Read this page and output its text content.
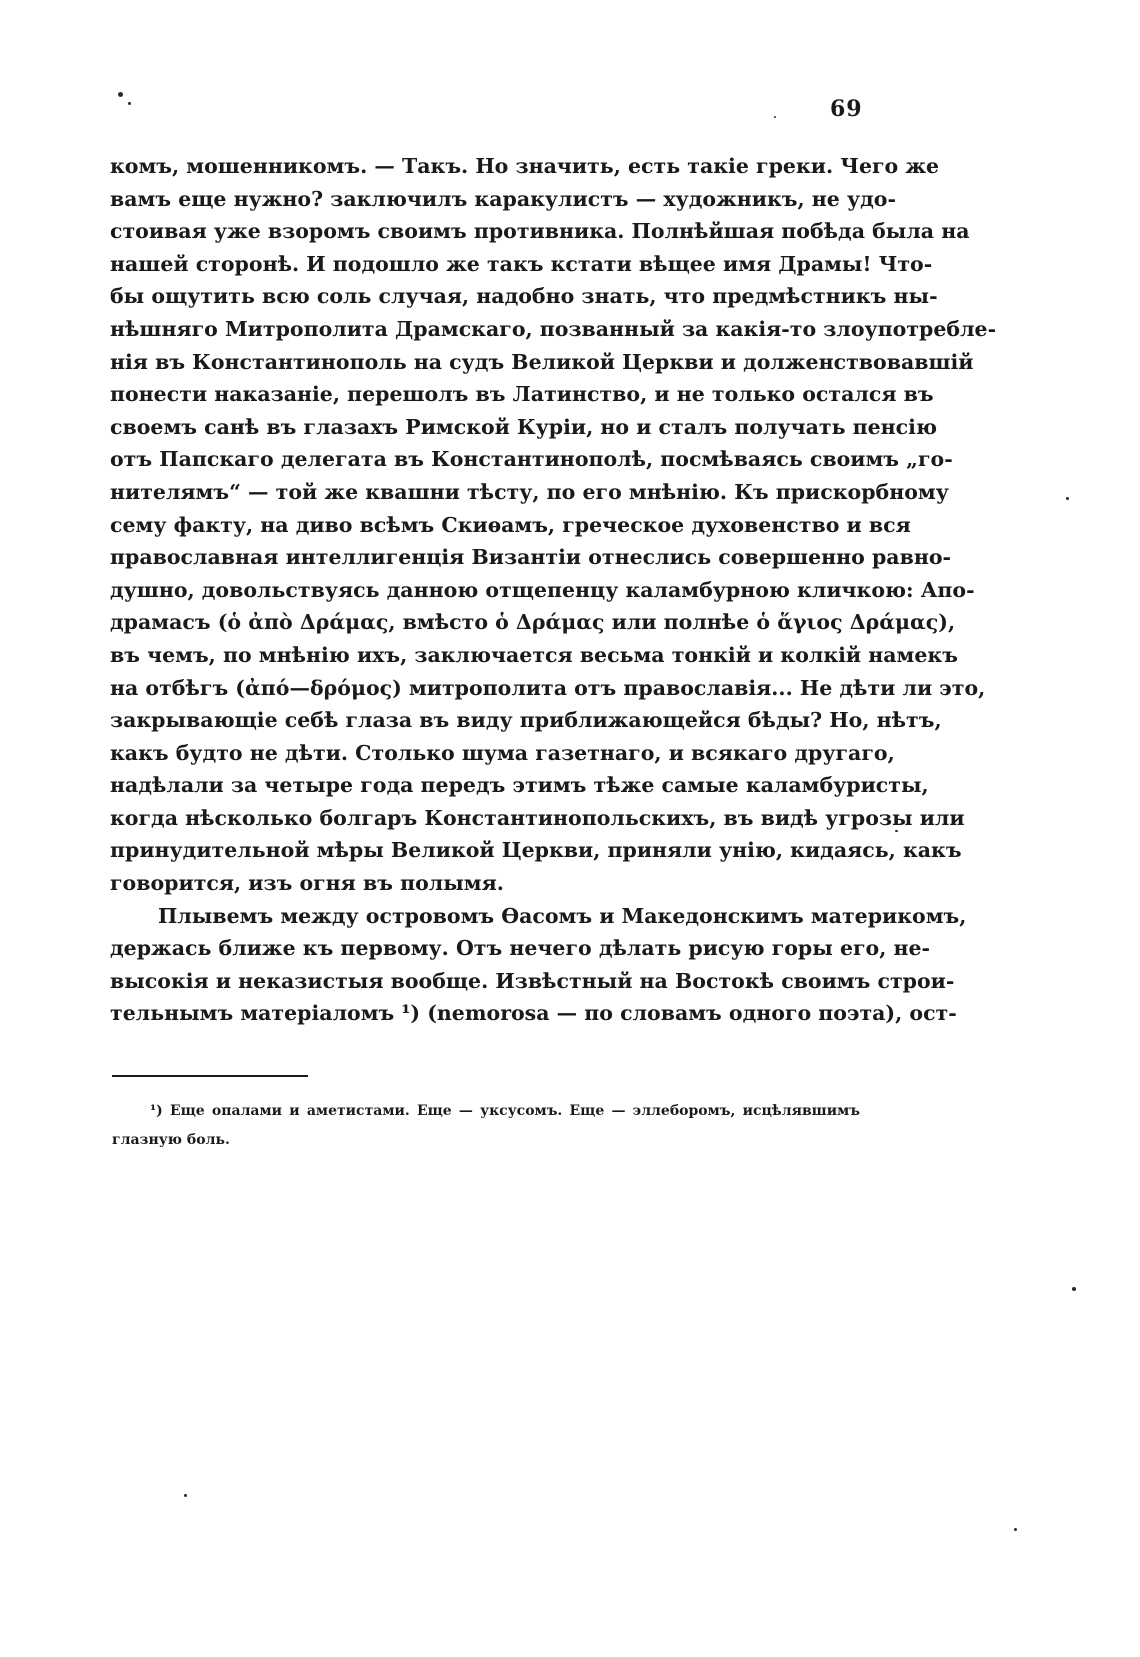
69
комъ, мошенникомъ. — Такъ. Но значить, есть такіе греки. Чего же
вамъ еще нужно? заключилъ каракулистъ — художникъ, не удо-
стоивая уже взоромъ своимъ противника. Полнѣйшая побѣда была на
нашей сторонѣ. И подошло же такъ кстати вѣщее имя Драмы! Что-
бы ощутить всю соль случая, надобно знать, что предмѣстникъ ны-
нѣшняго Митрополита Драмскаго, позванный за какія-то злоупотребле-
нія въ Константинополь на судъ Великой Церкви и долженствовавшій
понести наказаніе, перешолъ въ Латинство, и не только остался въ
своемъ санѣ въ глазахъ Римской Куріи, но и сталъ получать пенсію
отъ Папскаго делегата въ Константинополѣ, посмѣваясь своимъ „го-
нителямъ“ — той же квашни тѣсту, по его мнѣнію. Къ прискорбному
сему факту, на диво всѣмъ Скиѳамъ, греческое духовенство и вся
православная интеллигенція Византіи отнеслись совершенно равно-
душно, довольствуясь данною отщепенцу каламбурною кличкою: Апо-
драмасъ (ὁ ἀπὸ Δράμας, вмѣсто ὁ Δράμας или полнѣе ὁ ἅγιος Δράμας),
въ чемъ, по мнѣнію ихъ, заключается весьма тонкій и колкій намекъ
на отбѣгъ (ἀπό—δρόμος) митрополита отъ православія... Не дѣти ли это,
закрывающіе себѣ глаза въ виду приближающейся бѣды? Но, нѣтъ,
какъ будто не дѣти. Столько шума газетнаго, и всякаго другаго,
надѣлали за четыре года передъ этимъ тѣже самые каламбуристы,
когда нѣсколько болгаръ Константинопольскихъ, въ видѣ угрозы или
принудительной мѣры Великой Церкви, приняли унію, кидаясь, какъ
говорится, изъ огня въ полымя.
Плывемъ между островомъ Ѳасомъ и Македонскимъ материкомъ,
держась ближе къ первому. Отъ нечего дѣлать рисую горы его, не-
высокія и неказистыя вообще. Извѣстный на Востокѣ своимъ строи-
тельнымъ матеріаломъ ¹) (nemorosa — по словамъ одного поэта), ост-
¹) Еще опалами и аметистами. Еще — уксусомъ. Еще — эллеборомъ, исцѣлявшимъ
глазную боль.
